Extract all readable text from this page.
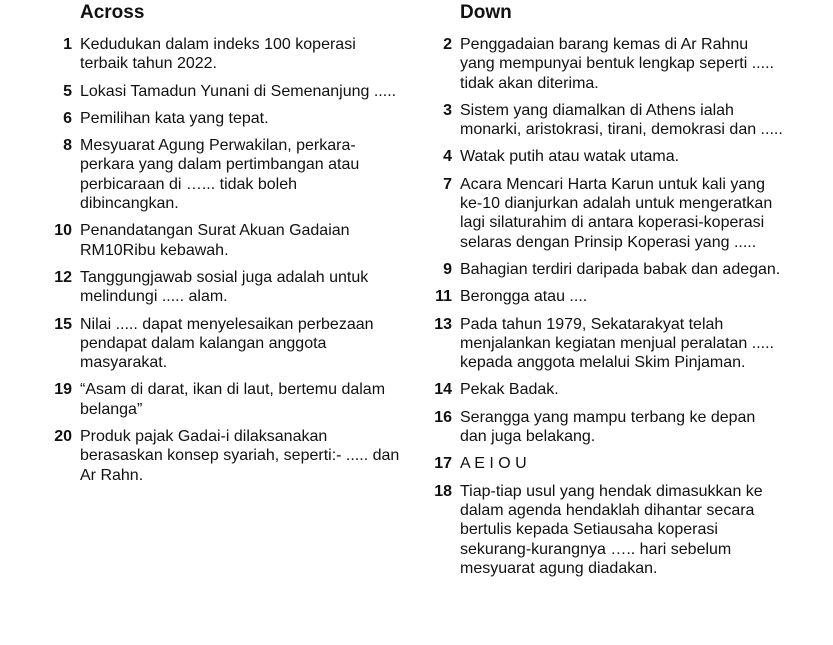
Across
1 Kedudukan dalam indeks 100 koperasi terbaik tahun 2022.
5 Lokasi Tamadun Yunani di Semenanjung .....
6 Pemilihan kata yang tepat.
8 Mesyuarat Agung Perwakilan, perkara-perkara yang dalam pertimbangan atau perbicaraan di …... tidak boleh dibincangkan.
10 Penandatangan Surat Akuan Gadaian RM10Ribu kebawah.
12 Tanggungjawab sosial juga adalah untuk melindungi ..... alam.
15 Nilai ..... dapat menyelesaikan perbezaan pendapat dalam kalangan anggota masyarakat.
19 “Asam di darat, ikan di laut, bertemu dalam belanga”
20 Produk pajak Gadai-i dilaksanakan berasaskan konsep syariah, seperti:- ..... dan Ar Rahn.
Down
2 Penggadaian barang kemas di Ar Rahnu yang mempunyai bentuk lengkap seperti ..... tidak akan diterima.
3 Sistem yang diamalkan di Athens ialah monarki, aristokrasi, tirani, demokrasi dan .....
4 Watak putih atau watak utama.
7 Acara Mencari Harta Karun untuk kali yang ke-10 dianjurkan adalah untuk mengeratkan lagi silaturahim di antara koperasi-koperasi selaras dengan Prinsip Koperasi yang .....
9 Bahagian terdiri daripada babak dan adegan.
11 Berongga atau ....
13 Pada tahun 1979, Sekatarakyat telah menjalankan kegiatan menjual peralatan ..... kepada anggota melalui Skim Pinjaman.
14 Pekak Badak.
16 Serangga yang mampu terbang ke depan dan juga belakang.
17 A E I O U
18 Tiap-tiap usul yang hendak dimasukkan ke dalam agenda hendaklah dihantar secara bertulis kepada Setiausaha koperasi sekurang-kurangnya ….. hari sebelum mesyuarat agung diadakan.
